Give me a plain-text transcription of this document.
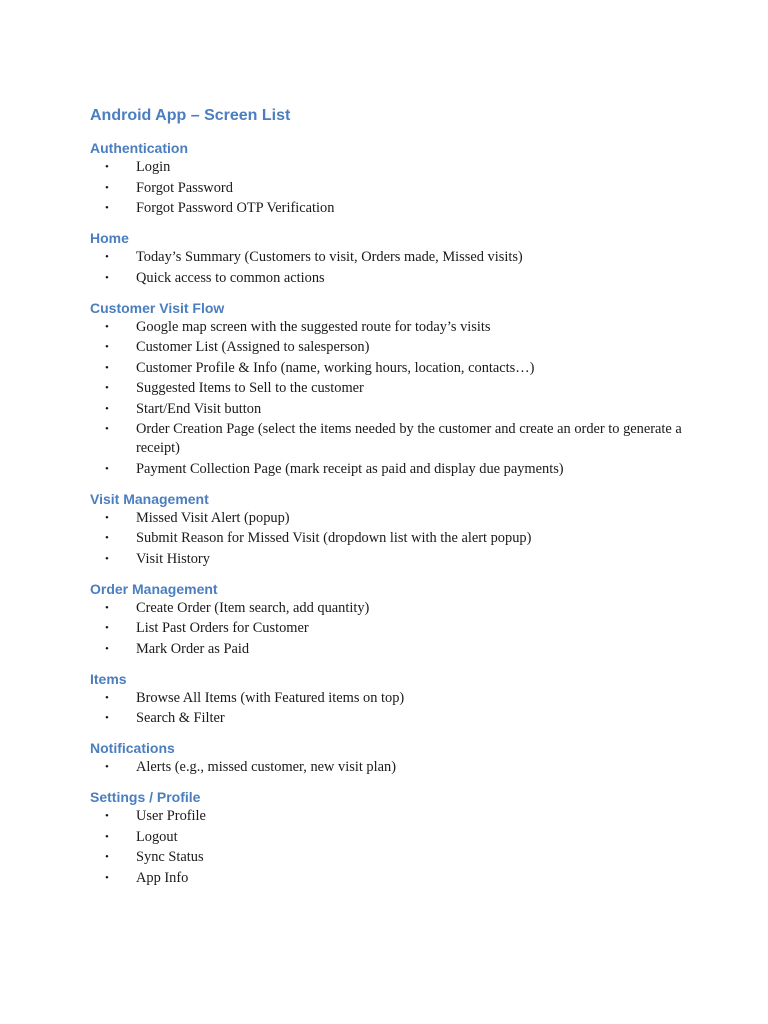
Android App – Screen List
Authentication
• Login
• Forgot Password
• Forgot Password OTP Verification
Home
• Today’s Summary (Customers to visit, Orders made, Missed visits)
• Quick access to common actions
Customer Visit Flow
• Google map screen with the suggested route for today’s visits
• Customer List (Assigned to salesperson)
• Customer Profile & Info (name, working hours, location, contacts…)
• Suggested Items to Sell to the customer
• Start/End Visit button
• Order Creation Page (select the items needed by the customer and create an order to generate a receipt)
• Payment Collection Page (mark receipt as paid and display due payments)
Visit Management
• Missed Visit Alert (popup)
• Submit Reason for Missed Visit (dropdown list with the alert popup)
• Visit History
Order Management
• Create Order (Item search, add quantity)
• List Past Orders for Customer
• Mark Order as Paid
Items
• Browse All Items (with Featured items on top)
• Search & Filter
Notifications
• Alerts (e.g., missed customer, new visit plan)
Settings / Profile
• User Profile
• Logout
• Sync Status
• App Info
